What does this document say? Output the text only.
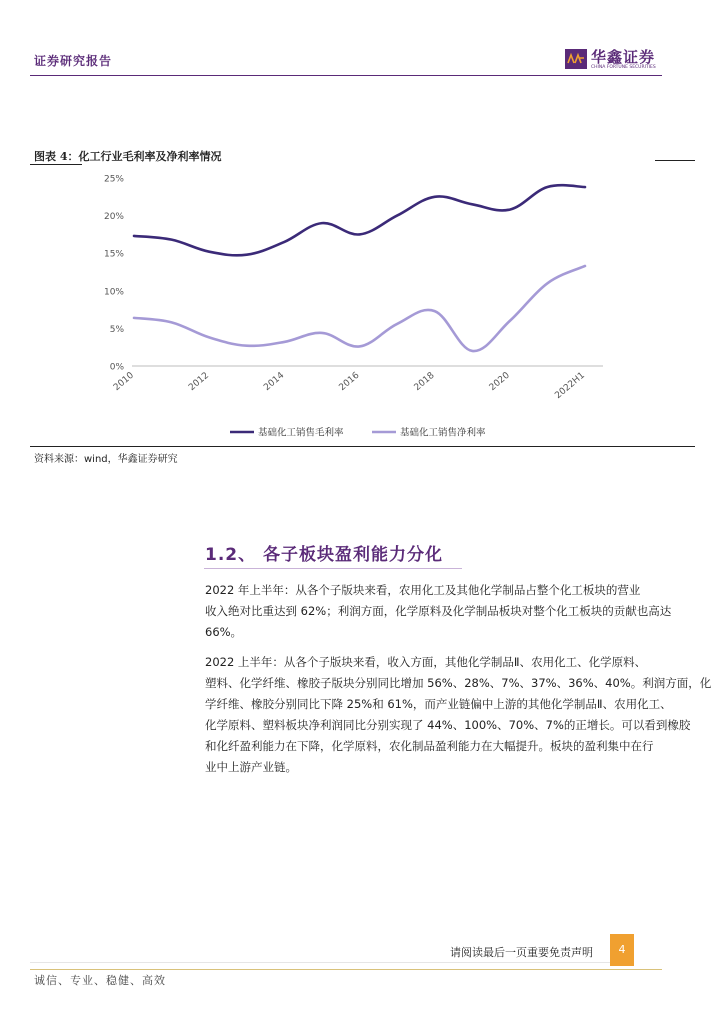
证券研究报告	华鑫证券
CHINA FORTUNE SECURITIES
图表 4：化工行业毛利率及净利率情况
0%
5%
10%
15%
20%
25%
2010	2012	2014	2016	2018	2020	2022H1
基础化工销售毛利率	基础化工销售净利率
资料来源：wind，华鑫证券研究
1.2、 各子板块盈利能力分化
2022 年上半年：从各个子版块来看，农用化工及其他化学制品占整个化工板块的营业
收入绝对比重达到 62%；利润方面，化学原料及化学制品板块对整个化工板块的贡献也高达
66%。
2022 上半年：从各个子版块来看，收入方面，其他化学制品Ⅱ、农用化工、化学原料、
塑料、化学纤维、橡胶子版块分别同比增加 56%、28%、7%、37%、36%、40%。利润方面，化
学纤维、橡胶分别同比下降 25%和 61%，而产业链偏中上游的其他化学制品Ⅱ、农用化工、
化学原料、塑料板块净利润同比分别实现了 44%、100%、70%、7%的正增长。可以看到橡胶
和化纤盈利能力在下降，化学原料，农化制品盈利能力在大幅提升。板块的盈利集中在行
业中上游产业链。
请阅读最后一页重要免责声明	4
诚信、专业、稳健、高效
